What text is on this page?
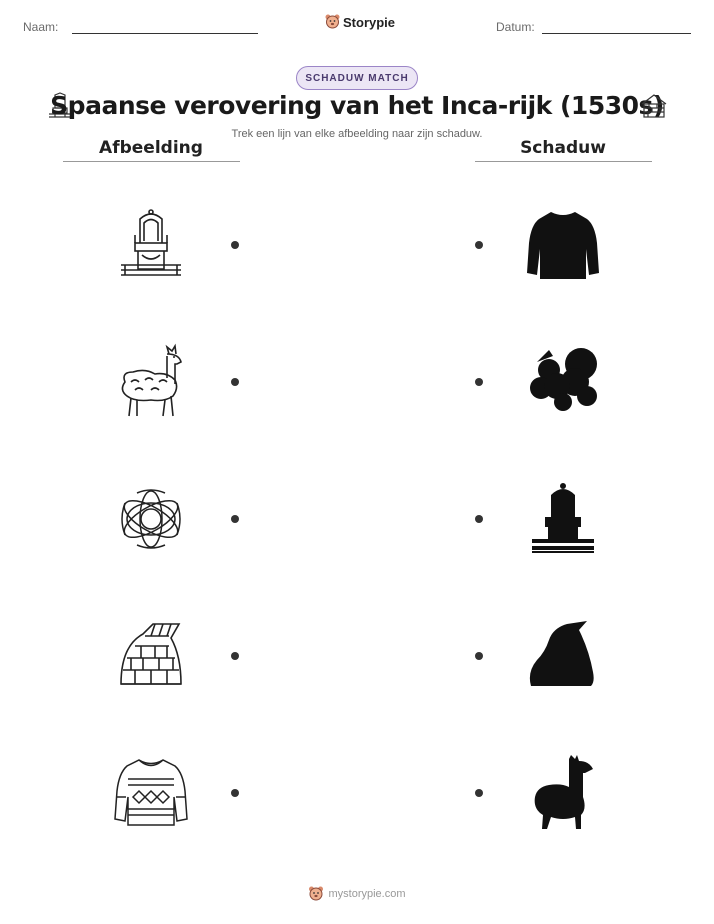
Naam:	Storypie	Datum:
SCHADUW MATCH
Spaanse verovering van het Inca-rijk (1530s)
Trek een lijn van elke afbeelding naar zijn schaduw.
Afbeelding	Schaduw
mystorypie.com
